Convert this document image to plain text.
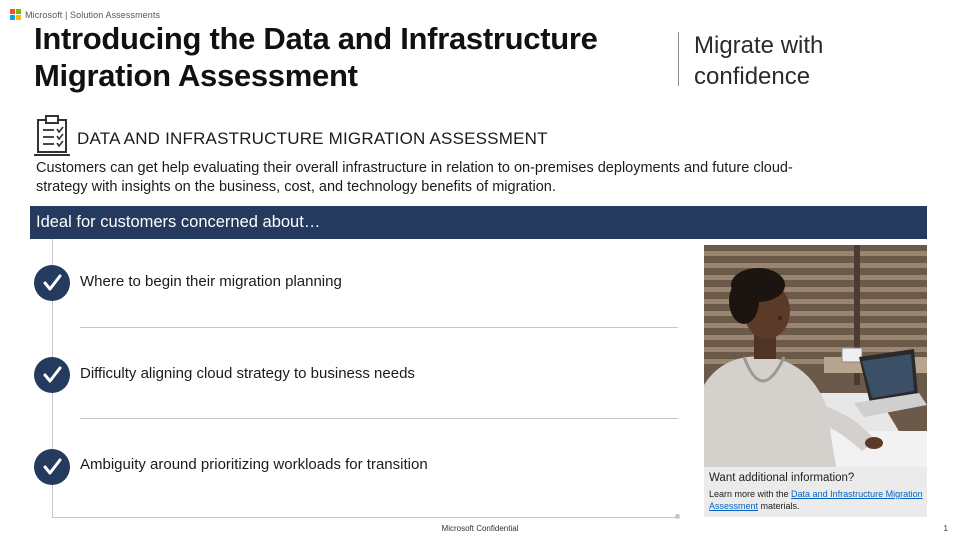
Microsoft | Solution Assessments
Introducing the Data and Infrastructure
Migration Assessment
Migrate with
confidence
DATA AND INFRASTRUCTURE MIGRATION ASSESSMENT
Customers can get help evaluating their overall infrastructure in relation to on-premises deployments and future cloud-
strategy with insights on the business, cost, and technology benefits of migration.
Ideal for customers concerned about…
Where to begin their migration planning
Difficulty aligning cloud strategy to business needs
Ambiguity around prioritizing workloads for transition
Want additional information?
Learn more with the Data and Infrastructure Migration Assessment materials.
Microsoft Confidential	1
